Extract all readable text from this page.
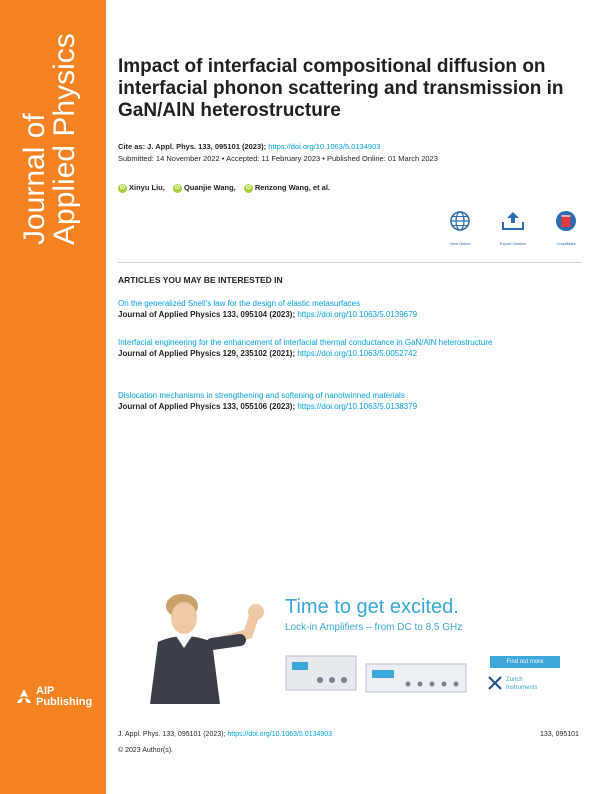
Journal of
Applied Physics
AIP
Publishing
Impact of interfacial compositional diffusion on interfacial phonon scattering and transmission in GaN/AlN heterostructure
Cite as: J. Appl. Phys. 133, 095101 (2023); https://doi.org/10.1063/5.0134903
Submitted: 14 November 2022 • Accepted: 11 February 2023 • Published Online: 01 March 2023
iD Xinyu Liu, iD Quanjie Wang, iD Renzong Wang, et al.
View Online	Export Citation	CrossMark
ARTICLES YOU MAY BE INTERESTED IN
On the generalized Snell's law for the design of elastic metasurfaces
Journal of Applied Physics 133, 095104 (2023); https://doi.org/10.1063/5.0139679
Interfacial engineering for the enhancement of interfacial thermal conductance in GaN/AlN heterostructure
Journal of Applied Physics 129, 235102 (2021); https://doi.org/10.1063/5.0052742
Dislocation mechanisms in strengthening and softening of nanotwinned materials
Journal of Applied Physics 133, 055106 (2023); https://doi.org/10.1063/5.0138379
Time to get excited.
Lock-in Amplifiers – from DC to 8.5 GHz
Find out more
Zurich
Instruments
J. Appl. Phys. 133, 095101 (2023); https://doi.org/10.1063/5.0134903	133, 095101
© 2023 Author(s).
